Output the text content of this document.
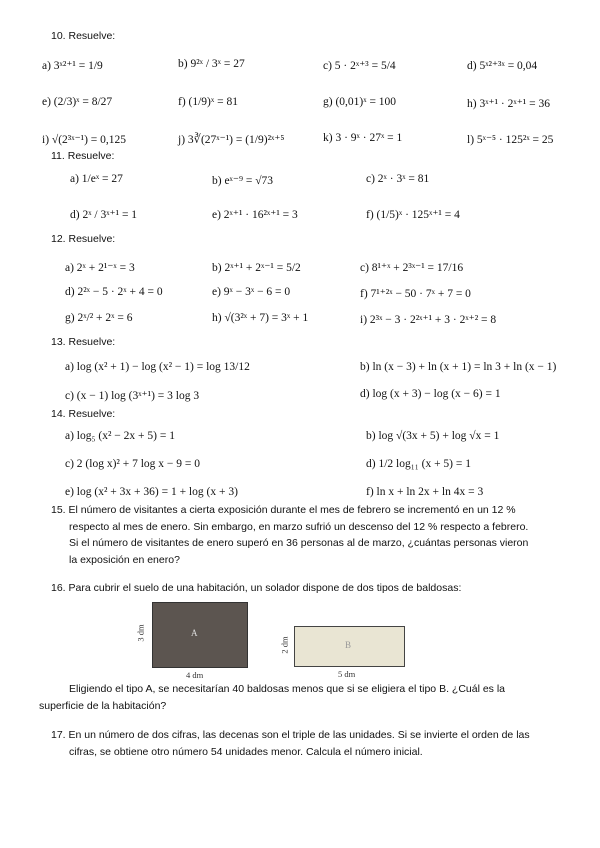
10. Resuelve:
a) 3ˣ²⁺¹ = 1/9	b) 9²ˣ / 3ˣ = 27	c) 5 · 2ˣ⁺³ = 5/4	d) 5ˣ²⁺³ˣ = 0,04
e) (2/3)ˣ = 8/27	f) (1/9)ˣ = 81	g) (0,01)ˣ = 100	h) 3ˣ⁺¹ · 2ˣ⁺¹ = 36
i) √(2³ˣ⁻¹) = 0,125	j) 3∛(27ˣ⁻¹) = (1/9)²ˣ⁺⁵	k) 3 · 9ˣ · 27ˣ = 1	l) 5ˣ⁻⁵ · 125²ˣ = 25
11. Resuelve:
a) 1/eˣ = 27	b) eˣ⁻⁹ = √73	c) 2ˣ · 3ˣ = 81
d) 2ˣ / 3ˣ⁺¹ = 1	e) 2ˣ⁺¹ · 16²ˣ⁺¹ = 3	f) (1/5)ˣ · 125ˣ⁺¹ = 4
12. Resuelve:
a) 2ˣ + 2¹⁻ˣ = 3	b) 2ˣ⁺¹ + 2ˣ⁻¹ = 5/2	c) 8¹⁺ˣ + 2³ˣ⁻¹ = 17/16
d) 2²ˣ − 5 · 2ˣ + 4 = 0	e) 9ˣ − 3ˣ − 6 = 0	f) 7¹⁺²ˣ − 50 · 7ˣ + 7 = 0
g) 2ˣ/² + 2ˣ = 6	h) √(3²ˣ + 7) = 3ˣ + 1	i) 2³ˣ − 3 · 2²ˣ⁺¹ + 3 · 2ˣ⁺² = 8
13. Resuelve:
a) log (x² + 1) − log (x² − 1) = log 13/12	b) ln (x − 3) + ln (x + 1) = ln 3 + ln (x − 1)
c) (x − 1) log (3ˣ⁺¹) = 3 log 3	d) log (x + 3) − log (x − 6) = 1
14. Resuelve:
a) log₅ (x² − 2x + 5) = 1	b) log √(3x + 5) + log √x = 1
c) 2 (log x)² + 7 log x − 9 = 0	d) 1/2 log₁₁ (x + 5) = 1
e) log (x² + 3x + 36) = 1 + log (x + 3)	f) ln x + ln 2x + ln 4x = 3
15. El número de visitantes a cierta exposición durante el mes de febrero se incrementó en un 12 %
respecto al mes de enero. Sin embargo, en marzo sufrió un descenso del 12 % respecto a febrero.
Si el número de visitantes de enero superó en 36 personas al de marzo, ¿cuántas personas vieron
la exposición en enero?
16. Para cubrir el suelo de una habitación, un solador dispone de dos tipos de baldosas:
A
4 dm
3 dm
B
5 dm
2 dm
Eligiendo el tipo A, se necesitarían 40 baldosas menos que si se eligiera el tipo B. ¿Cuál es la
superficie de la habitación?
17. En un número de dos cifras, las decenas son el triple de las unidades. Si se invierte el orden de las
cifras, se obtiene otro número 54 unidades menor. Calcula el número inicial.
